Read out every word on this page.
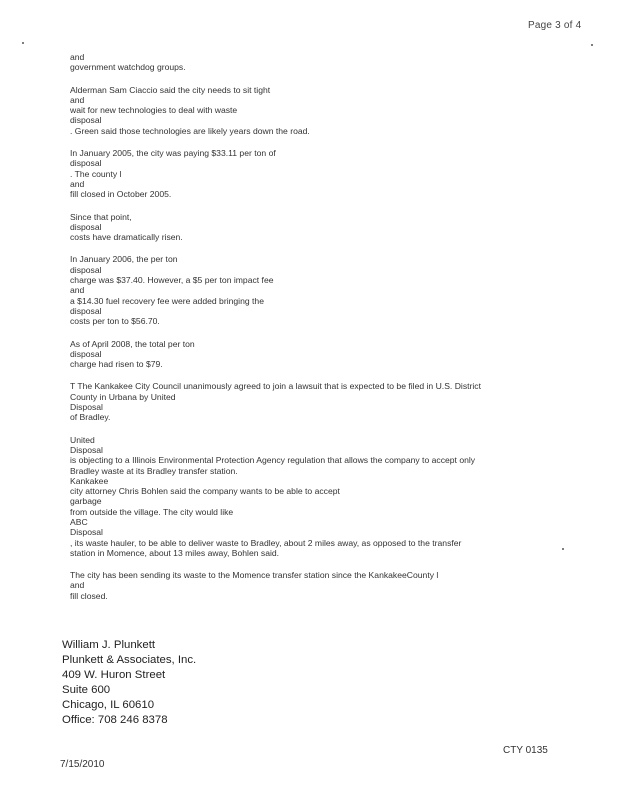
Page 3 of 4
and
government watchdog groups.
Alderman Sam Ciaccio said the city needs to sit tight
and
wait for new technologies to deal with waste
disposal
. Green said those technologies are likely years down the road.
In January 2005, the city was paying $33.11 per ton of
disposal
. The county l
and
fill closed in October 2005.
Since that point,
disposal
costs have dramatically risen.
In January 2006, the per ton
disposal
charge was $37.40. However, a $5 per ton impact fee
and
a $14.30 fuel recovery fee were added bringing the
disposal
costs per ton to $56.70.
As of April 2008, the total per ton
disposal
charge had risen to $79.
T The Kankakee City Council unanimously agreed to join a lawsuit that is expected to be filed in U.S. District
County in Urbana by United
Disposal
of Bradley.
United
Disposal
is objecting to a Illinois Environmental Protection Agency regulation that allows the company to accept only
Bradley waste at its Bradley transfer station.
Kankakee
city attorney Chris Bohlen said the company wants to be able to accept
garbage
from outside the village. The city would like
ABC
Disposal
, its waste hauler, to be able to deliver waste to Bradley, about 2 miles away, as opposed to the transfer
station in Momence, about 13 miles away, Bohlen said.
The city has been sending its waste to the Momence transfer station since the KankakeeCounty l
and
fill closed.
William J. Plunkett
Plunkett & Associates, Inc.
409 W. Huron Street
Suite 600
Chicago, IL 60610
Office: 708 246 8378
CTY 0135
7/15/2010
